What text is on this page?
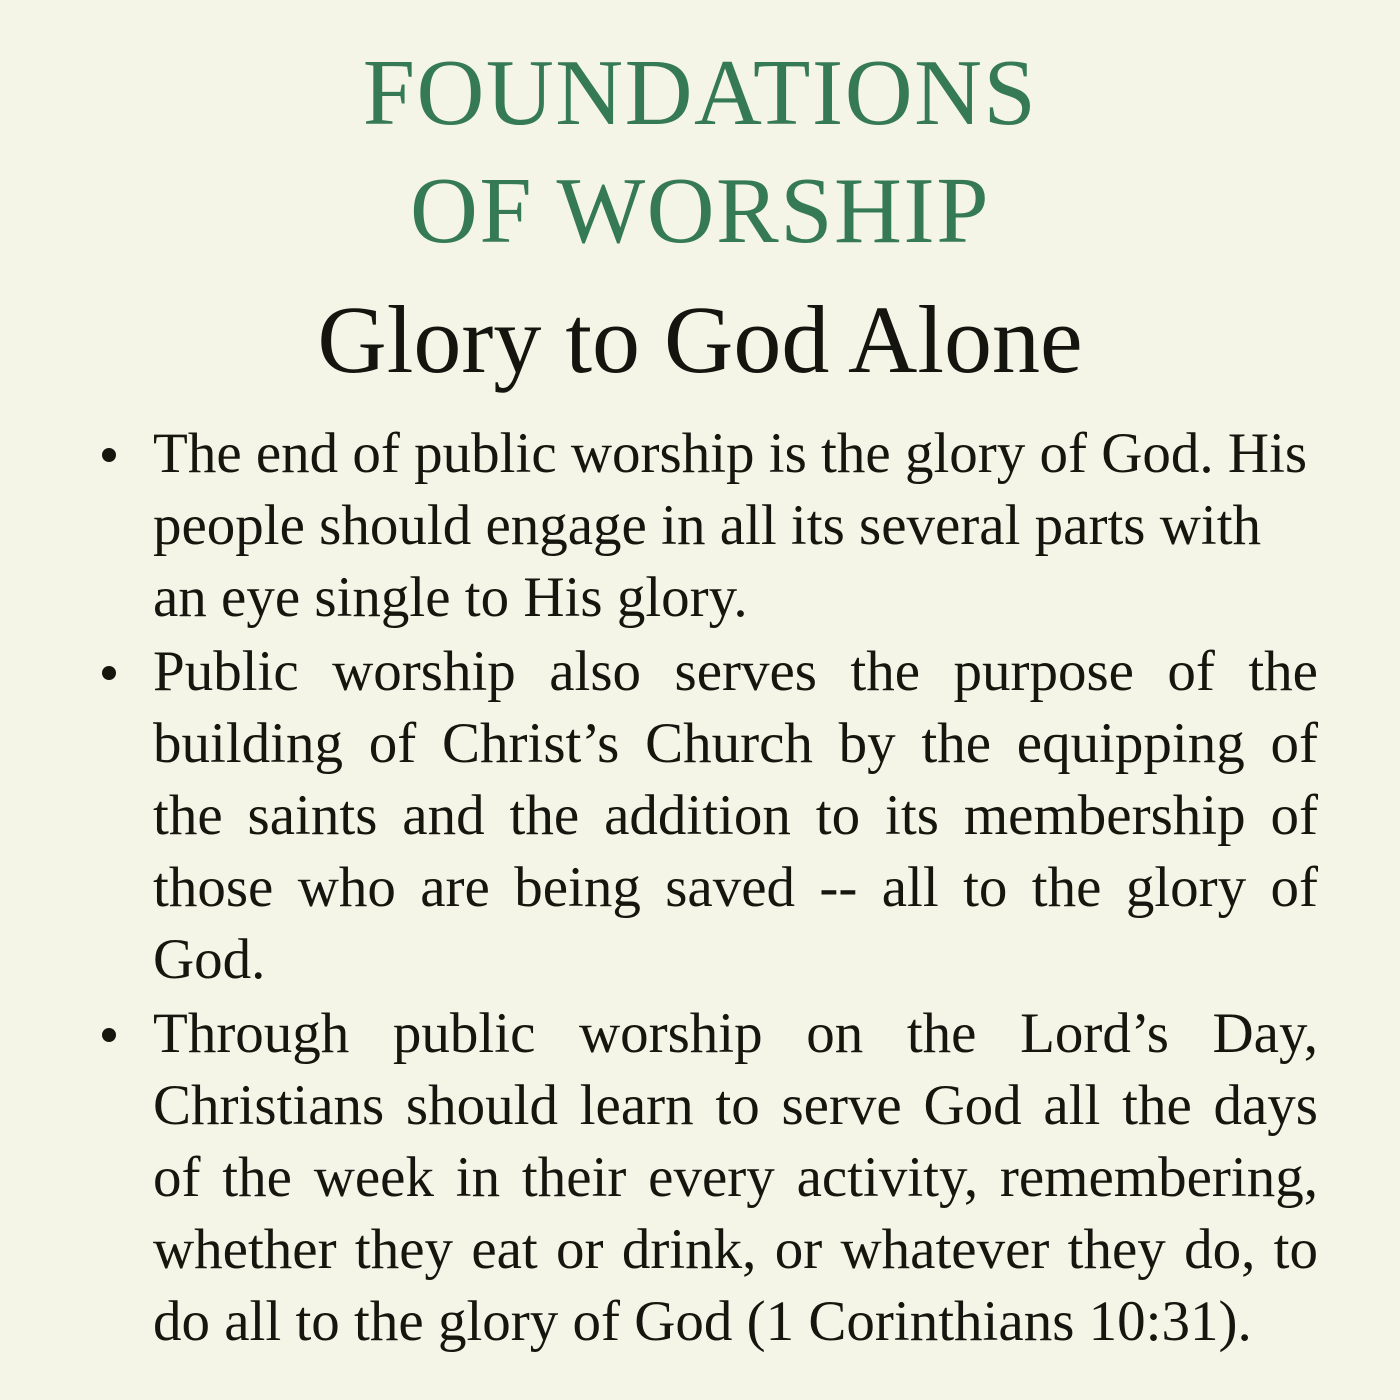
FOUNDATIONS
OF WORSHIP
Glory to God Alone
The end of public worship is the glory of God. His people should engage in all its several parts with an eye single to His glory.
Public worship also serves the purpose of the building of Christ’s Church by the equipping of the saints and the addition to its membership of those who are being saved -- all to the glory of God.
Through public worship on the Lord’s Day, Christians should learn to serve God all the days of the week in their every activity, remembering, whether they eat or drink, or whatever they do, to do all to the glory of God (1 Corinthians 10:31).
